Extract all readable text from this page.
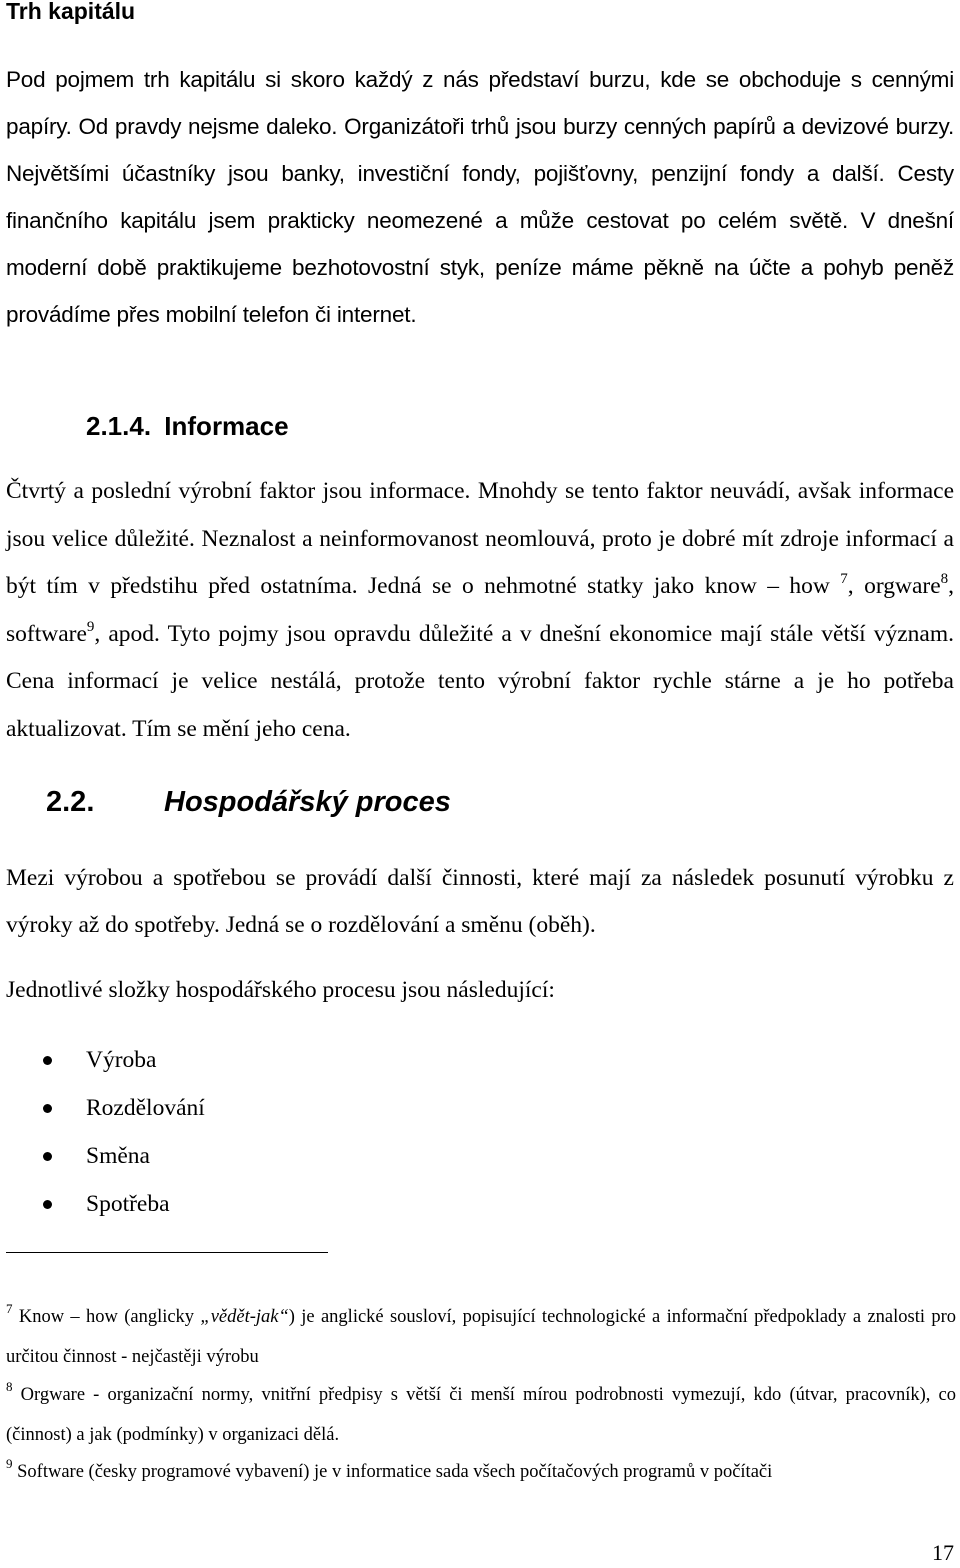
Trh kapitálu

Pod pojmem trh kapitálu si skoro každý z nás představí burzu, kde se obchoduje s cennými papíry. Od pravdy nejsme daleko. Organizátoři trhů jsou burzy cenných papírů a devizové burzy. Největšími účastníky jsou banky, investiční fondy, pojišťovny, penzijní fondy a další. Cesty finančního kapitálu jsem prakticky neomezené a může cestovat po celém světě. V dnešní moderní době praktikujeme bezhotovostní styk, peníze máme pěkně na účte a pohyb peněž provádíme přes mobilní telefon či internet.

2.1.4. Informace

Čtvrtý a poslední výrobní faktor jsou informace. Mnohdy se tento faktor neuvádí, avšak informace jsou velice důležité. Neznalost a neinformovanost neomlouvá, proto je dobré mít zdroje informací a být tím v předstihu před ostatníma. Jedná se o nehmotné statky jako know – how $^7$, orgware$^8$, software$^9$, apod. Tyto pojmy jsou opravdu důležité a v dnešní ekonomice mají stále větší význam. Cena informací je velice nestálá, protože tento výrobní faktor rychle stárne a je ho potřeba aktualizovat. Tím se mění jeho cena.

2.2. Hospodářský proces

Mezi výrobou a spotřebou se provádí další činnosti, které mají za následek posunutí výrobku z výroky až do spotřeby. Jedná se o rozdělování a směnu (oběh).

Jednotlivé složky hospodářského procesu jsou následující:

Výroba
Rozdělování
Směna
Spotřeba

$^7$ Know – how (anglicky „vědět-jak“) je anglické sousloví, popisující technologické a informační předpoklady a znalosti pro určitou činnost - nejčastěji výrobu

$^8$ Orgware - organizační normy, vnitřní předpisy s větší či menší mírou podrobnosti vymezují, kdo (útvar, pracovník), co (činnost) a jak (podmínky) v organizaci dělá.

$^9$ Software (česky programové vybavení) je v informatice sada všech počítačových programů v počítači

17
